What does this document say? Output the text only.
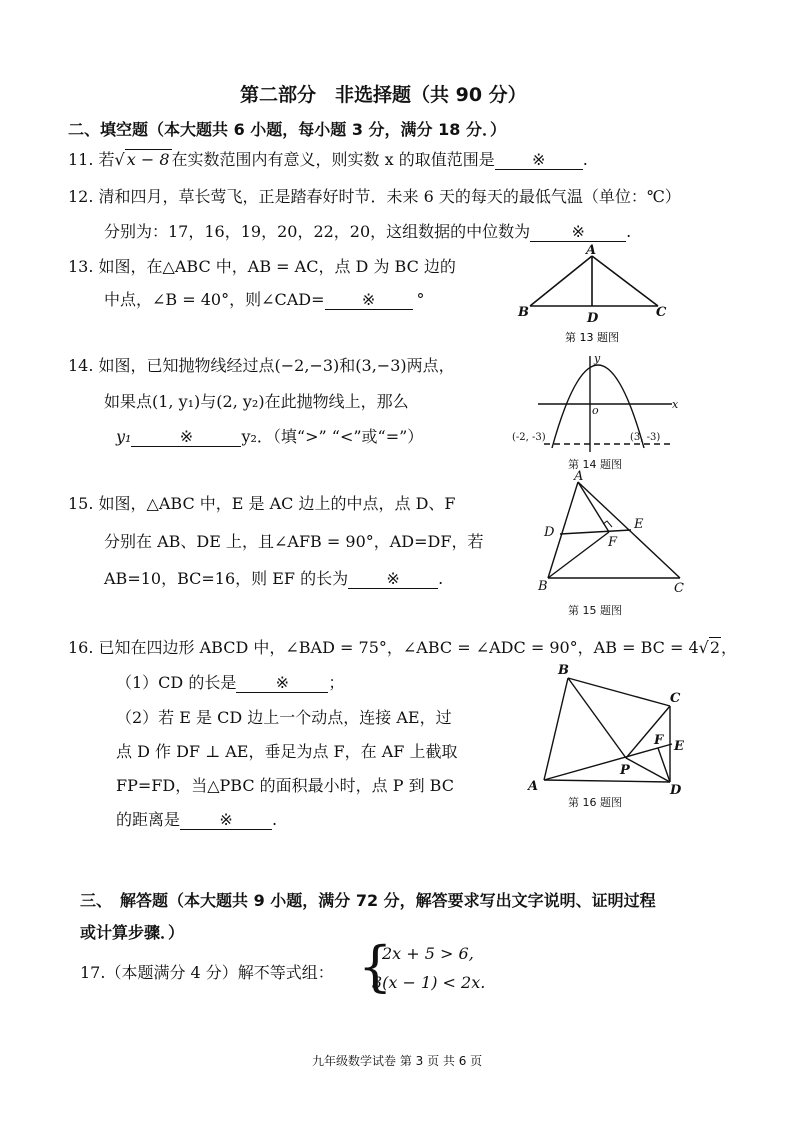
第二部分　非选择题（共 90 分）
二、填空题（本大题共 6 小题，每小题 3 分，满分 18 分．）
11. 若√ x − 8 在实数范围内有意义，则实数 x 的取值范围是 ※ .
12. 清和四月，草长莺飞，正是踏春好时节．未来 6 天的每天的最低气温（单位：℃）
分别为：17，16，19，20，22，20，这组数据的中位数为	※	.
13. 如图，在△ABC 中，AB = AC，点 D 为 BC 边的
中点，∠B = 40°，则∠CAD= ※	°
A
B	C
D
第 13 题图
14. 如图，已知抛物线经过点(−2,−3)和(3,−3)两点，
如果点(1, y₁)与(2, y₂)在此抛物线上，那么
y₁	※	y₂．（填“>” “<”或“=”）
y
x
o
(-2, -3)	(3, -3)
第 14 题图
15. 如图，△ABC 中，E 是 AC 边上的中点，点 D、F
分别在 AB、DE 上，且∠AFB = 90°，AD=DF，若
AB=10，BC=16，则 EF 的长为 ※ .
A
B	C
D
E
F
第 15 题图
16. 已知在四边形 ABCD 中，∠BAD = 75°，∠ABC = ∠ADC = 90°，AB = BC = 4√2，
（1）CD 的长是 ※ ；
（2）若 E 是 CD 边上一个动点，连接 AE，过
点 D 作 DF ⊥ AE，垂足为点 F，在 AF 上截取
FP=FD，当△PBC 的面积最小时，点 P 到 BC
的距离是 ※ .
B
C
E
F
P
A	D
第 16 题图
三、　解答题（本大题共 9 小题，满分 72 分，解答要求写出文字说明、证明过程
或计算步骤．）
17.（本题满分 4 分）解不等式组： {
2x + 5 > 6,
3(x − 1) < 2x.
九年级数学试卷 第 3 页 共 6 页
